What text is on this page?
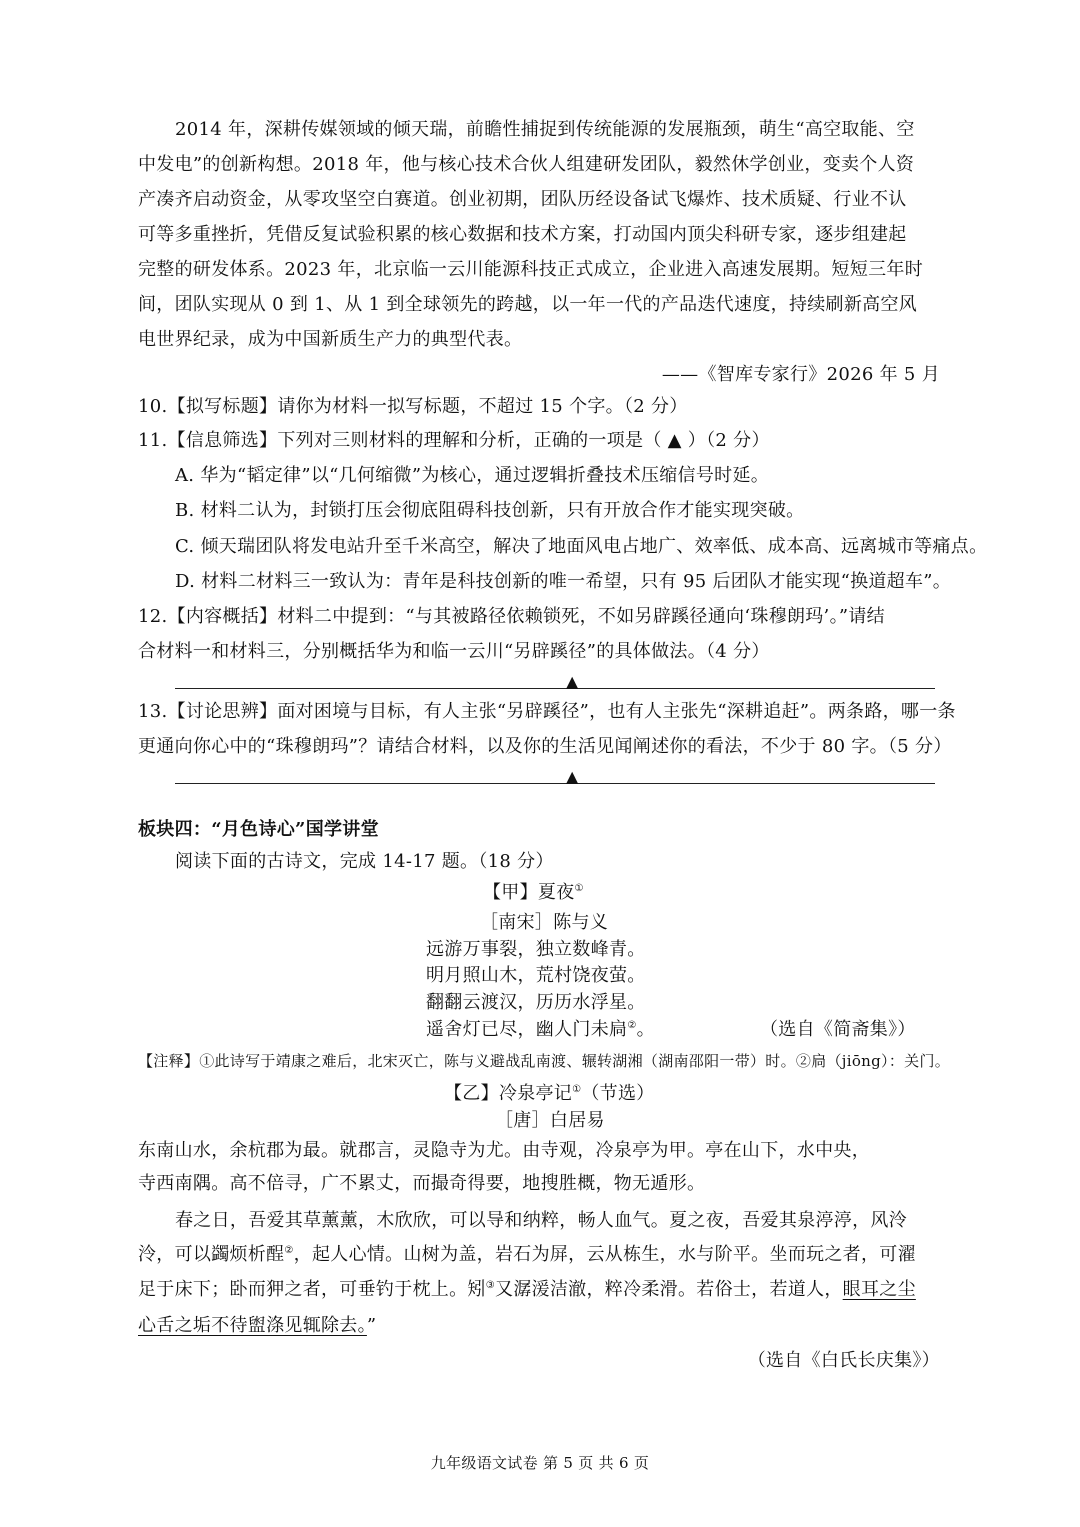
2014 年，深耕传媒领域的倾天瑞，前瞻性捕捉到传统能源的发展瓶颈，萌生“高空取能、空
中发电”的创新构想。2018 年，他与核心技术合伙人组建研发团队，毅然休学创业，变卖个人资
产凑齐启动资金，从零攻坚空白赛道。创业初期，团队历经设备试飞爆炸、技术质疑、行业不认
可等多重挫折，凭借反复试验积累的核心数据和技术方案，打动国内顶尖科研专家，逐步组建起
完整的研发体系。2023 年，北京临一云川能源科技正式成立，企业进入高速发展期。短短三年时
间，团队实现从 0 到 1、从 1 到全球领先的跨越，以一年一代的产品迭代速度，持续刷新高空风
电世界纪录，成为中国新质生产力的典型代表。
——《智库专家行》2026 年 5 月
10.【拟写标题】请你为材料一拟写标题，不超过 15 个字。（2 分）
11.【信息筛选】下列对三则材料的理解和分析，正确的一项是（ ▲ ）（2 分）
A. 华为“韬定律”以“几何缩微”为核心，通过逻辑折叠技术压缩信号时延。
B. 材料二认为，封锁打压会彻底阻碍科技创新，只有开放合作才能实现突破。
C. 倾天瑞团队将发电站升至千米高空，解决了地面风电占地广、效率低、成本高、远离城市等痛点。
D. 材料二材料三一致认为：青年是科技创新的唯一希望，只有 95 后团队才能实现“换道超车”。
12.【内容概括】材料二中提到：“与其被路径依赖锁死，不如另辟蹊径通向‘珠穆朗玛’。”请结
合材料一和材料三，分别概括华为和临一云川“另辟蹊径”的具体做法。（4 分）
▲
13.【讨论思辨】面对困境与目标，有人主张“另辟蹊径”，也有人主张先“深耕追赶”。两条路，哪一条
更通向你心中的“珠穆朗玛”？请结合材料，以及你的生活见闻阐述你的看法，不少于 80 字。（5 分）
▲
板块四：“月色诗心”国学讲堂
阅读下面的古诗文，完成 14-17 题。（18 分）
【甲】夏夜①
［南宋］陈与义
远游万事裂，独立数峰青。
明月照山木，荒村饶夜萤。
翻翻云渡汉，历历水浮星。
遥舍灯已尽，幽人门未扃②。	（选自《简斋集》）
【注释】①此诗写于靖康之难后，北宋灭亡，陈与义避战乱南渡、辗转湖湘（湖南邵阳一带）时。②扃（jiōng）：关门。
【乙】冷泉亭记①（节选）
［唐］白居易
东南山水，余杭郡为最。就郡言，灵隐寺为尤。由寺观，冷泉亭为甲。亭在山下，水中央，
寺西南隅。高不倍寻，广不累丈，而撮奇得要，地搜胜概，物无遁形。
春之日，吾爱其草薰薰，木欣欣，可以导和纳粹，畅人血气。夏之夜，吾爱其泉渟渟，风泠
泠，可以蠲烦析酲②，起人心情。山树为盖，岩石为屏，云从栋生，水与阶平。坐而玩之者，可濯
足于床下；卧而狎之者，可垂钓于枕上。矧③又潺湲洁澈，粹冷柔滑。若俗士，若道人，眼耳之尘
心舌之垢不待盥涤见辄除去。”
（选自《白氏长庆集》）
九年级语文试卷 第 5 页 共 6 页
